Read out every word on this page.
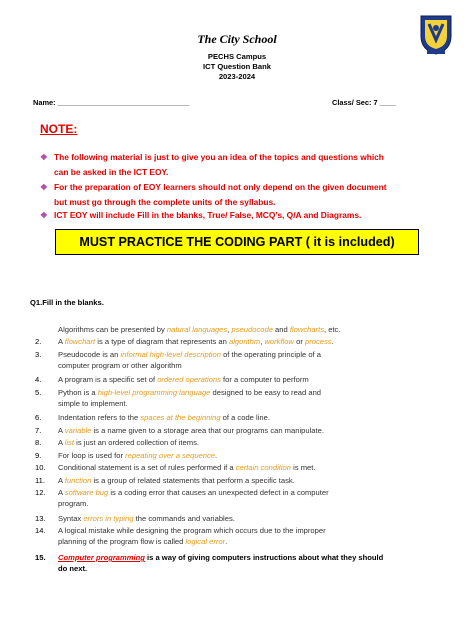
The City School
PECHS Campus
ICT Question Bank
2023-2024
Name: ________________________________	Class/ Sec: 7 ____
NOTE:
❖ The following material is just to give you an idea of the topics and questions which
can be asked in the ICT EOY.
❖ For the preparation of EOY learners should not only depend on the given document
but must go through the complete units of the syllabus.
❖ ICT EOY will include Fill in the blanks, True/ False, MCQ’s, Q/A and Diagrams.
MUST PRACTICE THE CODING PART ( it is included)
Q1.Fill in the blanks.
Algorithms can be presented by natural languages, pseudocode and flowcharts, etc.
2. A flowchart is a type of diagram that represents an algorithm, workflow or process.
3. Pseudocode is an informal high-level description of the operating principle of a
computer program or other algorithm
4. A program is a specific set of ordered operations for a computer to perform
5. Python is a high-level programming language designed to be easy to read and
simple to implement.
6. Indentation refers to the spaces at the beginning of a code line.
7. A variable is a name given to a storage area that our programs can manipulate.
8. A list is just an ordered collection of items.
9. For loop is used for repeating over a sequence.
10. Conditional statement is a set of rules performed if a certain condition is met.
11. A function is a group of related statements that perform a specific task.
12. A software bug is a coding error that causes an unexpected defect in a computer
program.
13. Syntax errors in typing the commands and variables.
14. A logical mistake while designing the program which occurs due to the improper
planning of the program flow is called logical error.
15. Computer programming is a way of giving computers instructions about what they should
do next.
